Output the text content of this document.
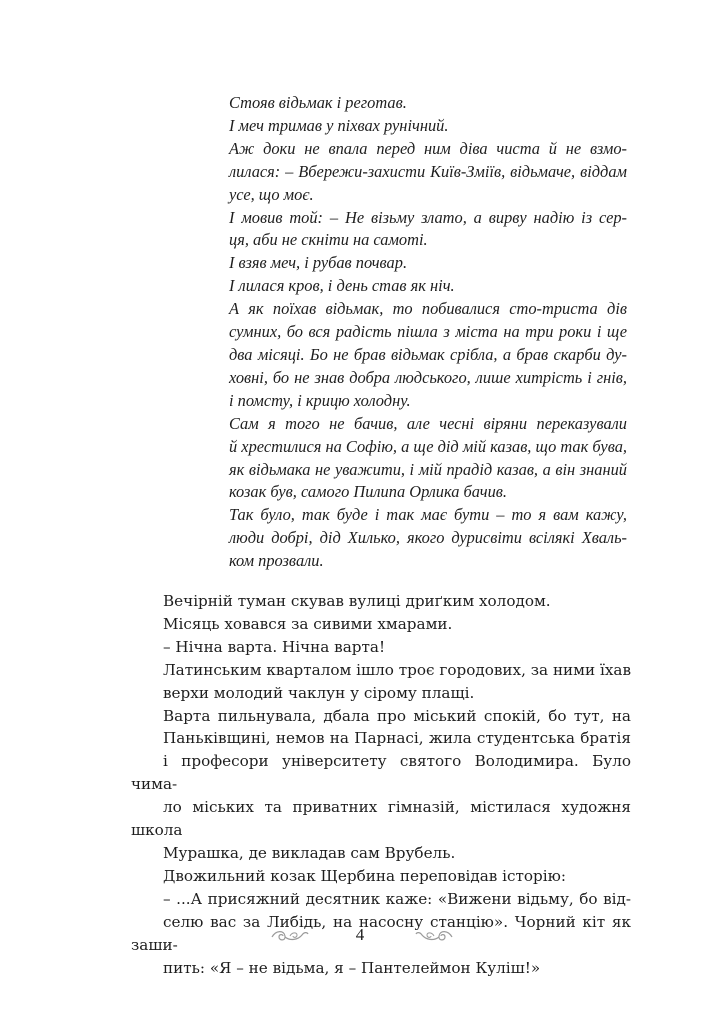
Стояв відьмак і реготав.

І меч тримав у піхвах рунічний.

Аж доки не впала перед ним діва чиста й не взмо-
лилася: – Вбережи-захисти Київ-Зміїв, відьмаче, віддам
усе, що моє.

І мовив той: – Не візьму злато, а вирву надію із сер-
ця, аби не скніти на самоті.

І взяв меч, і рубав почвар.

І лилася кров, і день став як ніч.

А як поїхав відьмак, то побивалися сто-триста дів
сумних, бо вся радість пішла з міста на три роки і ще
два місяці. Бо не брав відьмак срібла, а брав скарби ду-
ховні, бо не знав добра людського, лише хитрість і гнів,
і помсту, і крицю холодну.

Сам я того не бачив, але чесні віряни переказували
й хрестилися на Софію, а ще дід мій казав, що так бува,
як відьмака не уважити, і мій прадід казав, а він знаний
козак був, самого Пилипа Орлика бачив.

Так було, так буде і так має бути – то я вам кажу,
люди добрі, дід Хилько, якого дурисвіти всілякі Хваль-
ком прозвали.

Вечірній туман скував вулиці дриґким холодом.

Місяць ховався за сивими хмарами.

– Нічна варта. Нічна варта!

Латинським кварталом ішло троє городових, за ними їхав
верхи молодий чаклун у сірому плащі.

Варта пильнувала, дбала про міський спокій, бо тут, на
Паньківщині, немов на Парнасі, жила студентська братія
і професори університету святого Володимира. Було чима-
ло міських та приватних гімназій, містилася художня школа
Мурашка, де викладав сам Врубель.

Двожильний козак Щербина переповідав історію:

– ...А присяжний десятник каже: «Вижени відьму, бо від-
селю вас за Либідь, на насосну станцію». Чорний кіт як заши-
пить: «Я – не відьма, я – Пантелеймон Куліш!»

4
